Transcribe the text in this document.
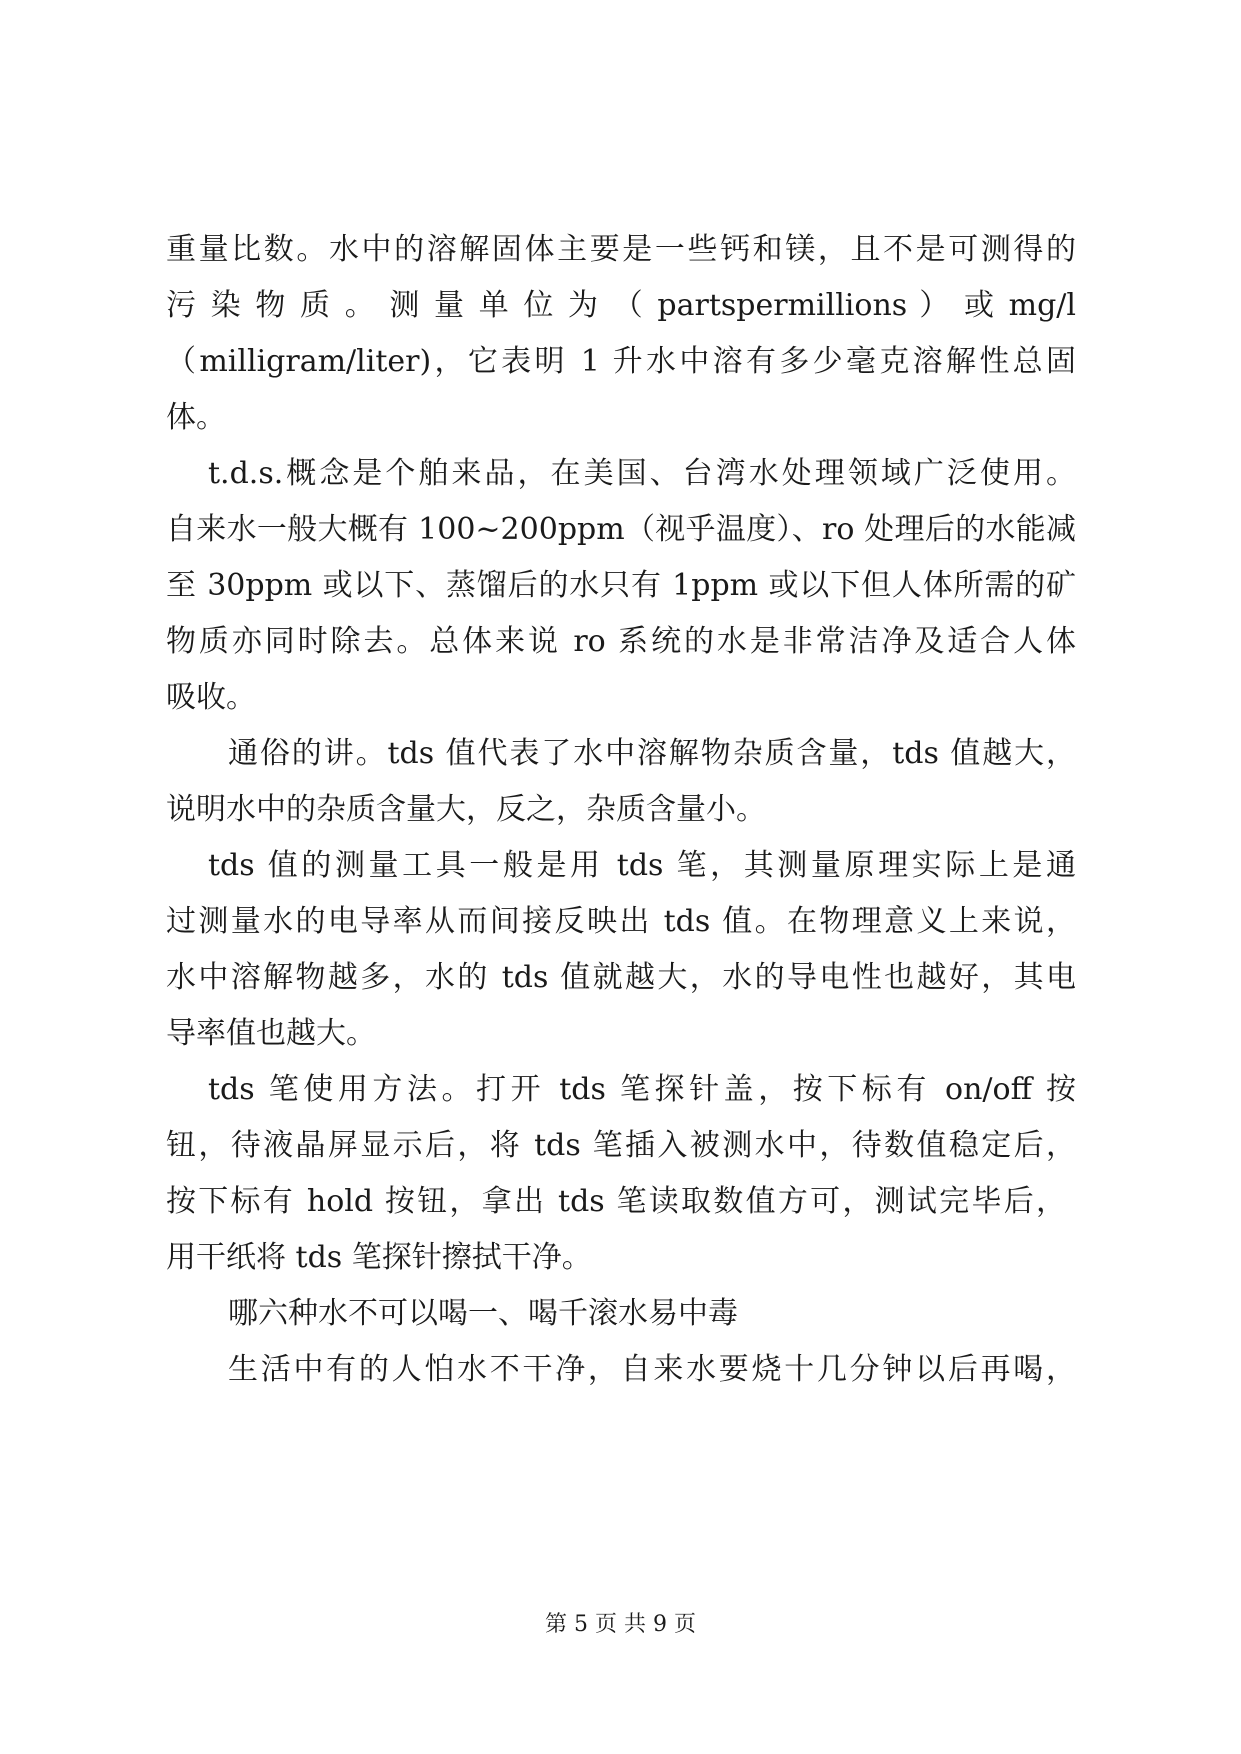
重量比数。水中的溶解固体主要是一些钙和镁，且不是可测得的
污 染 物 质 。 测 量 单 位 为 （ partspermillions ） 或 mg/l
（milligram/liter)，它表明 1 升水中溶有多少毫克溶解性总固
体。
t.d.s.概念是个舶来品，在美国、台湾水处理领域广泛使用。
自来水一般大概有 100~200ppm（视乎温度）、ro 处理后的水能减
至 30ppm 或以下、蒸馏后的水只有 1ppm 或以下但人体所需的矿
物质亦同时除去。总体来说 ro 系统的水是非常洁净及适合人体
吸收。
通俗的讲。tds 值代表了水中溶解物杂质含量，tds 值越大，
说明水中的杂质含量大，反之，杂质含量小。
tds 值的测量工具一般是用 tds 笔，其测量原理实际上是通
过测量水的电导率从而间接反映出 tds 值。在物理意义上来说，
水中溶解物越多，水的 tds 值就越大，水的导电性也越好，其电
导率值也越大。
tds 笔使用方法。打开 tds 笔探针盖，按下标有 on/off 按
钮，待液晶屏显示后，将 tds 笔插入被测水中，待数值稳定后，
按下标有 hold 按钮，拿出 tds 笔读取数值方可，测试完毕后，
用干纸将 tds 笔探针擦拭干净。
哪六种水不可以喝一、喝千滚水易中毒
生活中有的人怕水不干净，自来水要烧十几分钟以后再喝，
第 5 页 共 9 页
